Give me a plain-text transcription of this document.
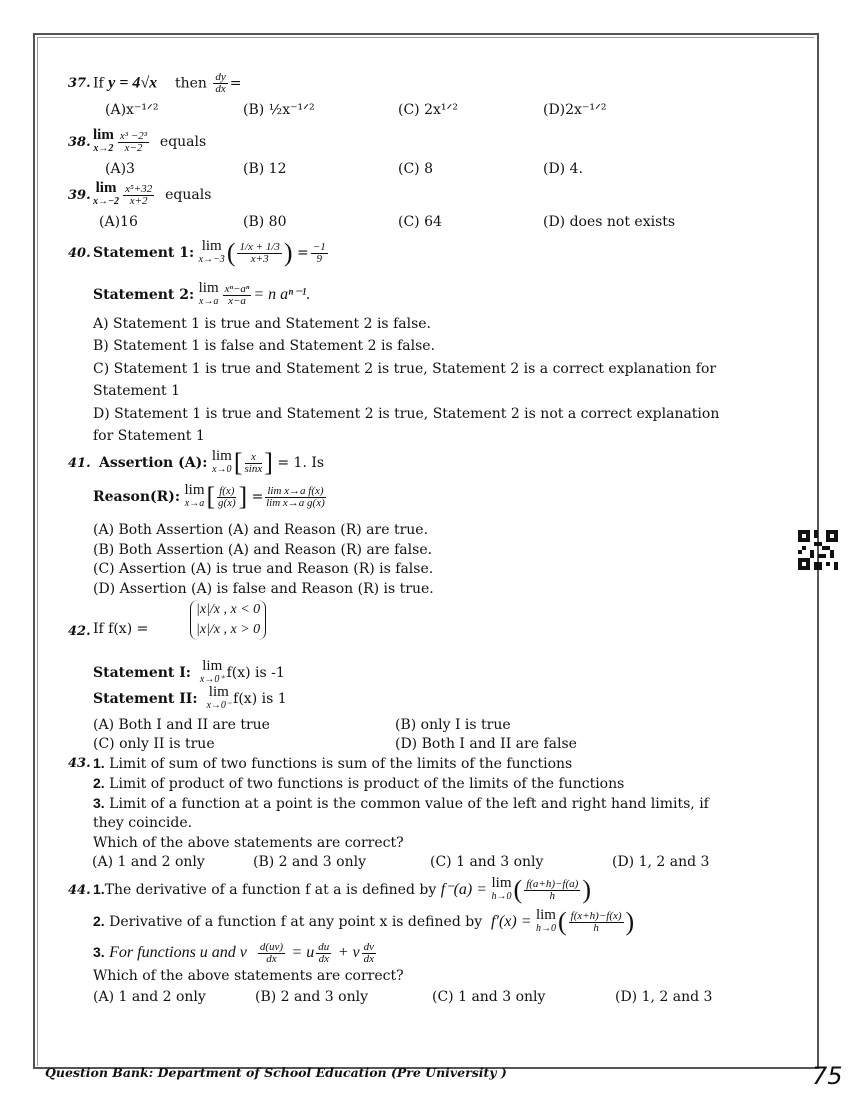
37. If y = 4√x then $\frac{dy}{dx}$ =
(A)x⁻¹ᐟ²	(B) ½x⁻¹ᐟ²	(C) 2x¹ᐟ²	(D)2x⁻¹ᐟ²
38. lim
$x\to 2 \frac{\text{x³ −2³}}{x-2}$ equals
(A)3	(B) 12	(C) 8	(D) 4.
39. lim
$x\to-2 \frac{\text{x⁵+32}}{x+2}$ equals
(A)16	(B) 80	(C) 64	(D) does not exists
40. Statement 1: lim
x→−3 ( $\frac{1/x + 1/3}{x+3}$ ) = $\frac{-1}{9}$
Statement 2: lim
$x\to a \frac{\text{xⁿ−aⁿ}}{x-a} = n$ aⁿ⁻¹.
A) Statement 1 is true and Statement 2 is false.
B) Statement 1 is false and Statement 2 is false.
C) Statement 1 is true and Statement 2 is true, Statement 2 is a correct explanation for
Statement 1
D) Statement 1 is true and Statement 2 is true, Statement 2 is not a correct explanation
for Statement 1
41. Assertion (A): lim
x→0 [ $\frac{x}{\sin x}$ ] = 1. Is
Reason(R): lim
x→a [ $\frac{f(x)}{g(x)}$ ] = $\frac{\text{lim x→a f(x)}}{\text{lim x→a g(x)}}$
(A) Both Assertion (A) and Reason (R) are true.
(B) Both Assertion (A) and Reason (R) are false.
(C) Assertion (A) is true and Reason (R) is false.
(D) Assertion (A) is false and Reason (R) is true.
42. If f(x) =
|x|/x , x < 0
|x|/x , x > 0
Statement I: lim
x→0⁺ f(x) is -1
Statement II: lim
x→0⁻ f(x) is 1
(A) Both I and II are true	(B) only I is true
(C) only II is true	(D) Both I and II are false
43. 1. Limit of sum of two functions is sum of the limits of the functions
2. Limit of product of two functions is product of the limits of the functions
3. Limit of a function at a point is the common value of the left and right hand limits, if
they coincide.
Which of the above statements are correct?
(A) 1 and 2 only	(B) 2 and 3 only	(C) 1 and 3 only	(D) 1, 2 and 3
44. 1.The derivative of a function f at a is defined by f⁻(a) = lim
h→0 ( $\frac{f(a+h)-f(a)}{h}$ )
2. Derivative of a function f at any point x is defined by f′(x) = lim
h→0 ( $\frac{f(x+h)-f(x)}{h}$ )
3. For functions u and v $\frac{d(uv)}{dx} = u \frac{du}{dx} + v \frac{dv}{dx}$
Which of the above statements are correct?
(A) 1 and 2 only	(B) 2 and 3 only	(C) 1 and 3 only	(D) 1, 2 and 3
Question Bank: Department of School Education (Pre University )	75
